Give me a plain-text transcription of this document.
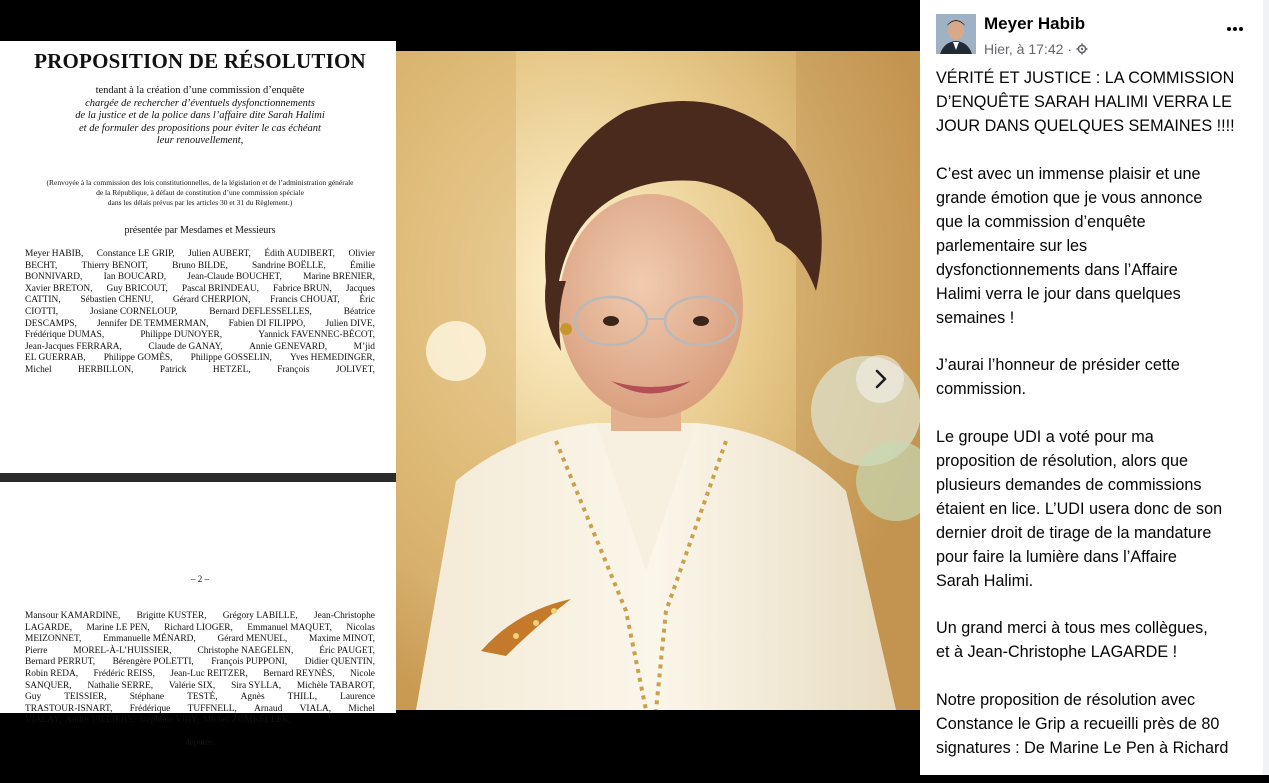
PROPOSITION DE RÉSOLUTION
tendant à la création d’une commission d’enquête
chargée de rechercher d’éventuels dysfonctionnements
de la justice et de la police dans l’affaire dite Sarah Halimi
et de formuler des propositions pour éviter le cas échéant
leur renouvellement,
(Renvoyée à la commission des lois constitutionnelles, de la législation et de l’administration générale
de la République, à défaut de constitution d’une commission spéciale
dans les délais prévus par les articles 30 et 31 du Règlement.)
présentée par Mesdames et Messieurs
Meyer HABIB, Constance LE GRIP, Julien AUBERT, Édith AUDIBERT, Olivier
BECHT,	Thierry BENOIT,	Bruno BILDE,	Sandrine BOËLLE,	Émilie
BONNIVARD, Ian BOUCARD, Jean-Claude BOUCHET, Marine BRENIER,
Xavier BRETON, Guy BRICOUT, Pascal BRINDEAU, Fabrice BRUN, Jacques
CATTIN, Sébastien CHENU, Gérard CHERPION, Francis CHOUAT, Éric
CIOTTI,	Josiane CORNELOUP,	Bernard DEFLESSELLES,	Béatrice
DESCAMPS, Jennifer DE TEMMERMAN, Fabien DI FILIPPO, Julien DIVE,
Frédérique DUMAS,	Philippe DUNOYER,	Yannick FAVENNEC-BÉCOT,
Jean-Jacques FERRARA,	Claude de GANAY,	Annie GENEVARD,	M’jid
EL GUERRAB, Philippe GOMÈS, Philippe GOSSELIN, Yves HEMEDINGER,
Michel	HERBILLON,	Patrick	HETZEL,	François	JOLIVET,
– 2 –
Mansour KAMARDINE, Brigitte KUSTER, Grégory LABILLE, Jean-Christophe
LAGARDE, Marine LE PEN, Richard LIOGER, Emmanuel MAQUET, Nicolas
MEIZONNET, Emmanuelle MÉNARD, Gérard MENUEL, Maxime MINOT,
Pierre	MOREL-À-L’HUISSIER,	Christophe NAEGELEN,	Éric PAUGET,
Bernard PERRUT, Bérengère POLETTI, François PUPPONI, Didier QUENTIN,
Robin REDA, Frédéric REISS, Jean-Luc REITZER, Bernard REYNÈS, Nicole
SANQUER, Nathalie SERRE, Valérie SIX, Sira SYLLA, Michèle TABAROT,
Guy TEISSIER, Stéphane TESTÉ, Agnès THILL, Laurence
TRASTOUR-ISNART, Frédérique TUFFNELL, Arnaud VIALA, Michel
VIALAY, André VILLIERS, Stéphane VIRY, Michel ZUMKELLER,
députés.
Meyer Habib
Hier, à 17:42 ·

VÉRITÉ ET JUSTICE : LA COMMISSION
D’ENQUÊTE SARAH HALIMI VERRA LE
JOUR DANS QUELQUES SEMAINES !!!!

C’est avec un immense plaisir et une
grande émotion que je vous annonce
que la commission d’enquête
parlementaire sur les
dysfonctionnements dans l’Affaire
Halimi verra le jour dans quelques
semaines !

J’aurai l’honneur de présider cette
commission.

Le groupe UDI a voté pour ma
proposition de résolution, alors que
plusieurs demandes de commissions
étaient en lice. L’UDI usera donc de son
dernier droit de tirage de la mandature
pour faire la lumière dans l’Affaire
Sarah Halimi.

Un grand merci à tous mes collègues,
et à Jean-Christophe LAGARDE !

Notre proposition de résolution avec
Constance le Grip a recueilli près de 80
signatures : De Marine Le Pen à Richard
